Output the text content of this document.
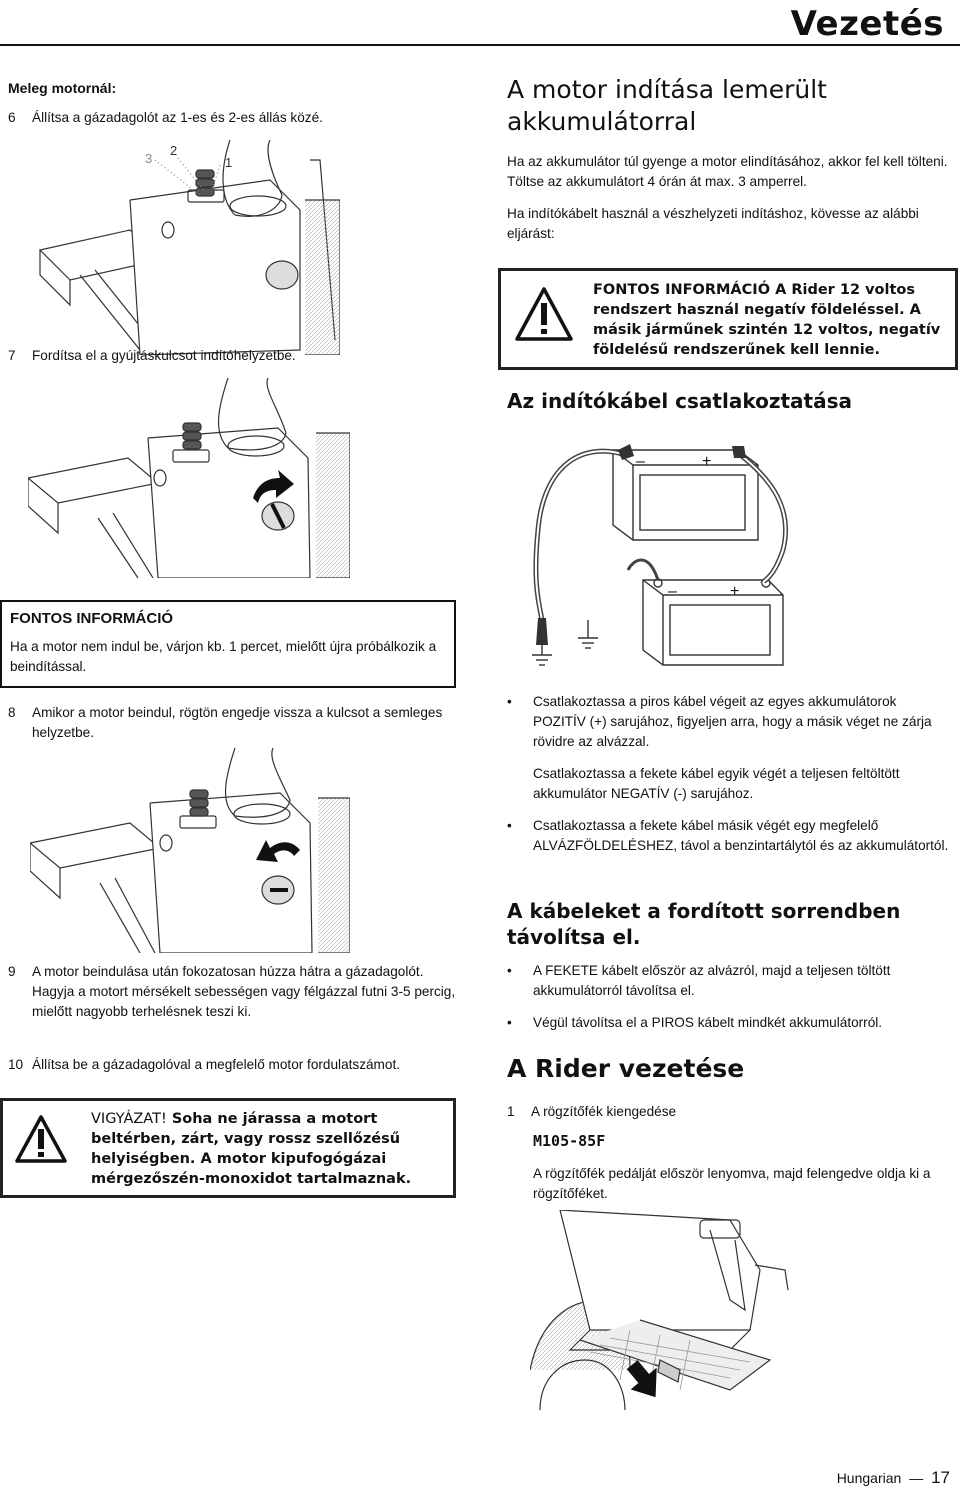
Vezetés
Meleg motornál:
6 Állítsa a gázadagolót az 1-es és 2-es állás közé.
3
2
1
7 Fordítsa el a gyújtáskulcsot indítóhelyzetbe.
FONTOS INFORMÁCIÓ
Ha a motor nem indul be, várjon kb. 1 percet, mielőtt újra próbálkozik a beindítással.
8	Amikor a motor beindul, rögtön engedje vissza a kulcsot a semleges helyzetbe.
9	A motor beindulása után fokozatosan húzza hátra a gázadagolót. Hagyja a motort mérsékelt sebességen vagy félgázzal futni 3-5 percig, mielőtt nagyobb terhelésnek teszi ki.
10 Állítsa be a gázadagolóval a megfelelő motor fordulatszámot.
VIGYÁZAT! Soha ne járassa a motort beltérben, zárt, vagy rossz szellőzésű helyiségben. A motor kipufogógázai mérgezőszén-monoxidot tartalmaznak.
A motor indítása lemerült akkumulátorral
Ha az akkumulátor túl gyenge a motor elindításához, akkor fel kell tölteni. Töltse az akkumulátort 4 órán át max. 3 amperrel.
Ha indítókábelt használ a vészhelyzeti indításhoz, kövesse az alábbi eljárást:
FONTOS INFORMÁCIÓ A Rider 12 voltos rendszert használ negatív földeléssel. A másik járműnek szintén 12 voltos, negatív földelésű rendszerűnek kell lennie.
Az indítókábel csatlakoztatása
–	+
–	+
• Csatlakoztassa a piros kábel végeit az egyes akkumulátorok POZITÍV (+) sarujához, figyeljen arra, hogy a másik véget ne zárja rövidre az alvázzal.
Csatlakoztassa a fekete kábel egyik végét a teljesen feltöltött akkumulátor NEGATÍV (-) sarujához.
• Csatlakoztassa a fekete kábel másik végét egy megfelelő ALVÁZFÖLDELÉSHEZ, távol a benzintartálytól és az akkumulátortól.
A kábeleket a fordított sorrendben távolítsa el.
• A FEKETE kábelt először az alvázról, majd a teljesen töltött akkumulátorról távolítsa el.
• Végül távolítsa el a PIROS kábelt mindkét akkumulátorról.
A Rider vezetése
1 A rögzítőfék kiengedése
M105-85F
A rögzítőfék pedálját először lenyomva, majd felengedve oldja ki a rögzítőféket.
Hungarian — 17
